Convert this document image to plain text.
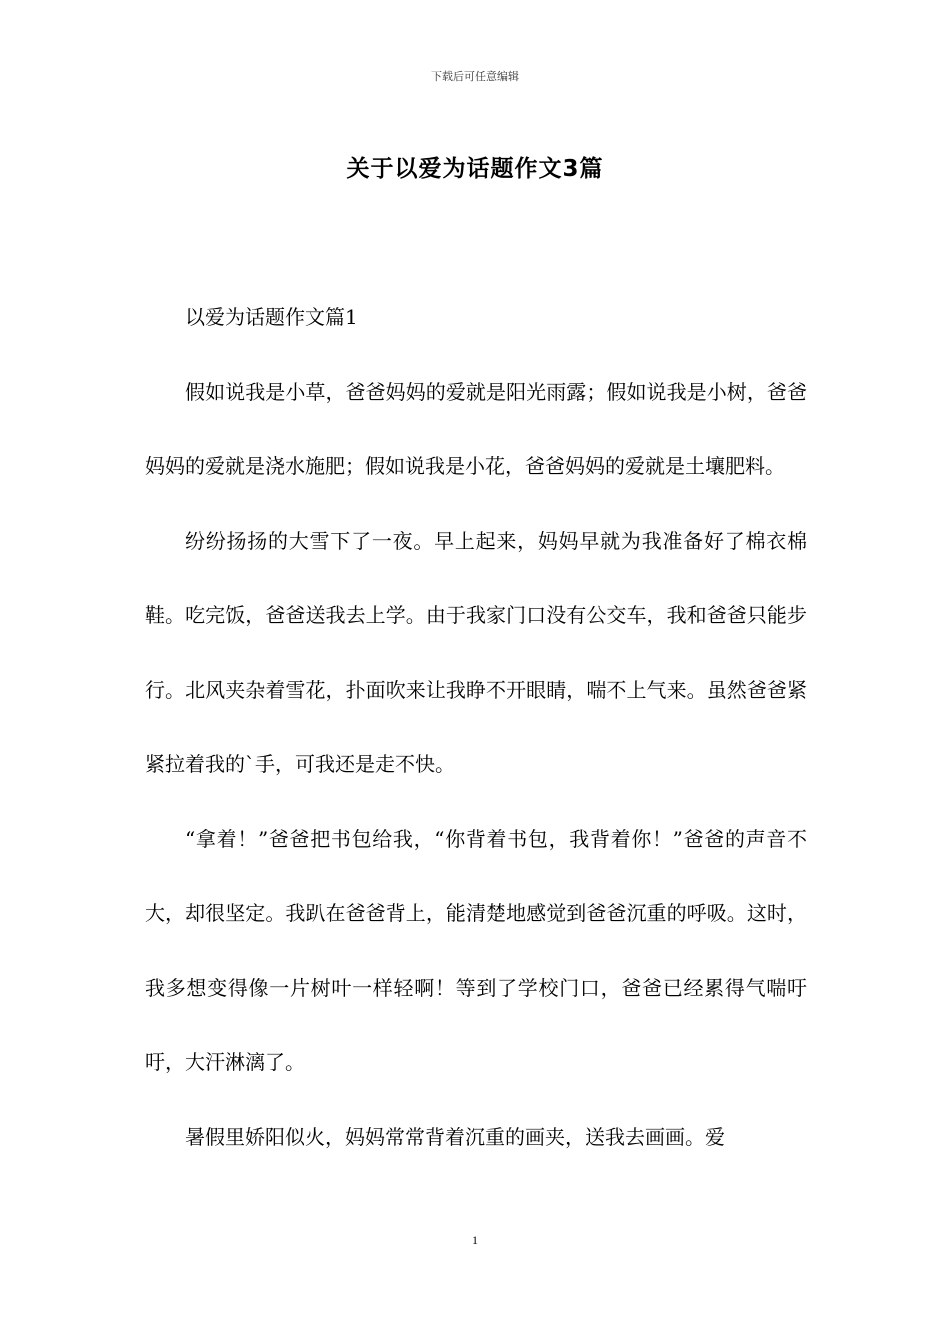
下载后可任意编辑
关于以爱为话题作文3篇

以爱为话题作文篇1

假如说我是小草，爸爸妈妈的爱就是阳光雨露；假如说我是小树，爸爸妈妈的爱就是浇水施肥；假如说我是小花，爸爸妈妈的爱就是土壤肥料。

纷纷扬扬的大雪下了一夜。早上起来，妈妈早就为我准备好了棉衣棉鞋。吃完饭，爸爸送我去上学。由于我家门口没有公交车，我和爸爸只能步行。北风夹杂着雪花，扑面吹来让我睁不开眼睛，喘不上气来。虽然爸爸紧紧拉着我的`手，可我还是走不快。

“拿着！”爸爸把书包给我，“你背着书包，我背着你！”爸爸的声音不大，却很坚定。我趴在爸爸背上，能清楚地感觉到爸爸沉重的呼吸。这时，我多想变得像一片树叶一样轻啊！等到了学校门口，爸爸已经累得气喘吁吁，大汗淋漓了。

暑假里娇阳似火，妈妈常常背着沉重的画夹，送我去画画。爱

1
